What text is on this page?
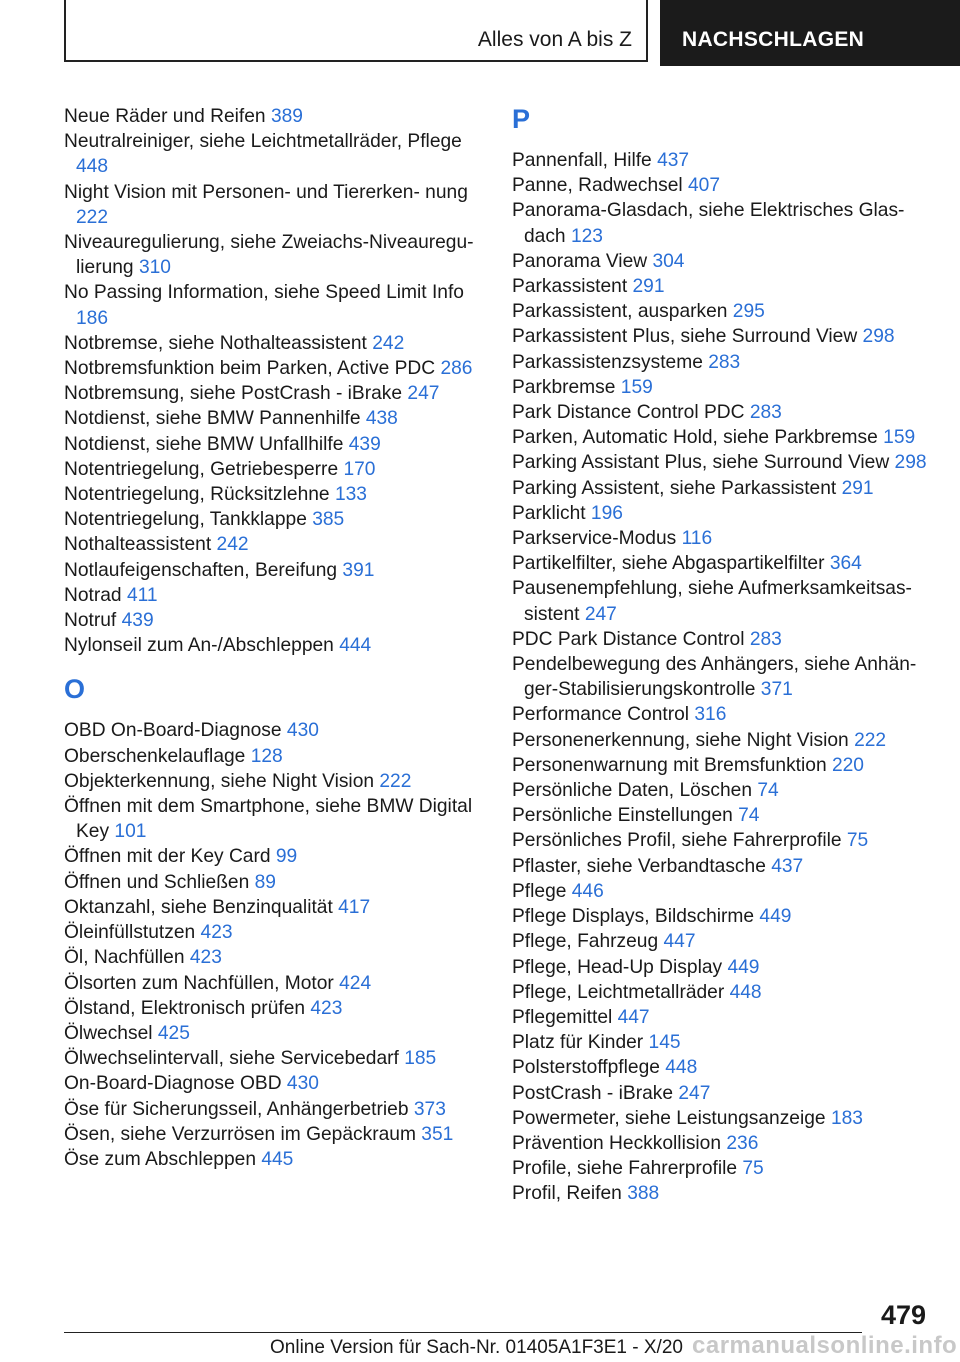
Alles von A bis Z NACHSCHLAGEN
Neue Räder und Reifen 389
Neutralreiniger, siehe Leichtmetallräder, Pflege 448
Night Vision mit Personen- und Tiererken- nung 222
Niveauregulierung, siehe Zweiachs-Niveauregu- lierung 310
No Passing Information, siehe Speed Limit Info 186
Notbremse, siehe Nothalteassistent 242
Notbremsfunktion beim Parken, Active PDC 286
Notbremsung, siehe PostCrash - iBrake 247
Notdienst, siehe BMW Pannenhilfe 438
Notdienst, siehe BMW Unfallhilfe 439
Notentriegelung, Getriebesperre 170
Notentriegelung, Rücksitzlehne 133
Notentriegelung, Tankklappe 385
Nothalteassistent 242
Notlaufeigenschaften, Bereifung 391
Notrad 411
Notruf 439
Nylonseil zum An-/Abschleppen 444
O
OBD On-Board-Diagnose 430
Oberschenkelauflage 128
Objekterkennung, siehe Night Vision 222
Öffnen mit dem Smartphone, siehe BMW Digital Key 101
Öffnen mit der Key Card 99
Öffnen und Schließen 89
Oktanzahl, siehe Benzinqualität 417
Öleinfüllstutzen 423
Öl, Nachfüllen 423
Ölsorten zum Nachfüllen, Motor 424
Ölstand, Elektronisch prüfen 423
Ölwechsel 425
Ölwechselintervall, siehe Servicebedarf 185
On-Board-Diagnose OBD 430
Öse für Sicherungsseil, Anhängerbetrieb 373
Ösen, siehe Verzurrösen im Gepäckraum 351
Öse zum Abschleppen 445
P
Pannenfall, Hilfe 437
Panne, Radwechsel 407
Panorama-Glasdach, siehe Elektrisches Glas- dach 123
Panorama View 304
Parkassistent 291
Parkassistent, ausparken 295
Parkassistent Plus, siehe Surround View 298
Parkassistenzsysteme 283
Parkbremse 159
Park Distance Control PDC 283
Parken, Automatic Hold, siehe Parkbremse 159
Parking Assistant Plus, siehe Surround View 298
Parking Assistent, siehe Parkassistent 291
Parklicht 196
Parkservice-Modus 116
Partikelfilter, siehe Abgaspartikelfilter 364
Pausenempfehlung, siehe Aufmerksamkeitsas- sistent 247
PDC Park Distance Control 283
Pendelbewegung des Anhängers, siehe Anhän- ger-Stabilisierungskontrolle 371
Performance Control 316
Personenerkennung, siehe Night Vision 222
Personenwarnung mit Bremsfunktion 220
Persönliche Daten, Löschen 74
Persönliche Einstellungen 74
Persönliches Profil, siehe Fahrerprofile 75
Pflaster, siehe Verbandtasche 437
Pflege 446
Pflege Displays, Bildschirme 449
Pflege, Fahrzeug 447
Pflege, Head-Up Display 449
Pflege, Leichtmetallräder 448
Pflegemittel 447
Platz für Kinder 145
Polsterstoffpflege 448
PostCrash - iBrake 247
Powermeter, siehe Leistungsanzeige 183
Prävention Heckkollision 236
Profile, siehe Fahrerprofile 75
Profil, Reifen 388
479
Online Version für Sach-Nr. 01405A1F3E1 - X/20 carmanualsonline.info
